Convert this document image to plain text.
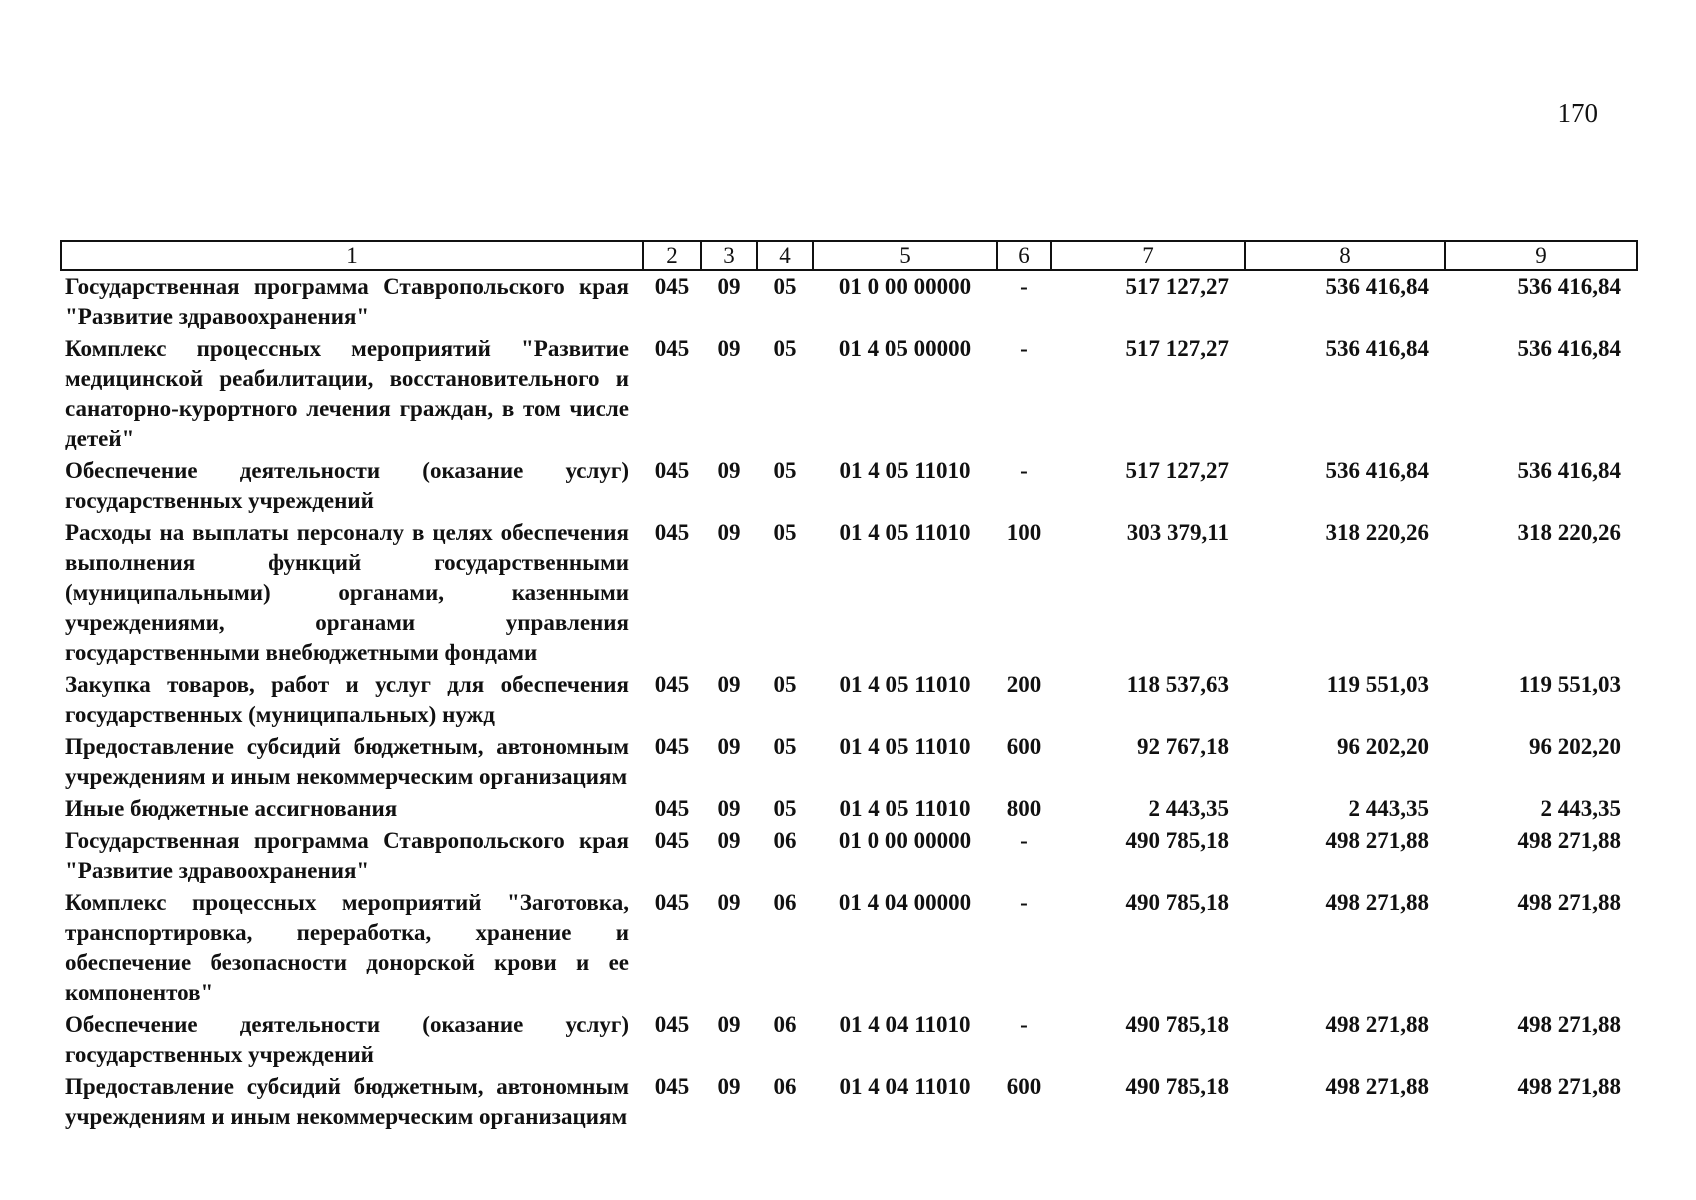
170
1	2	3	4	5	6	7	8	9
Государственная программа Ставропольского края "Развитие здравоохранения"	045	09	05	01 0 00 00000	-	517 127,27	536 416,84	536 416,84
Комплекс процессных мероприятий "Развитие медицинской реабилитации, восстановительного и санаторно-курортного лечения граждан, в том числе детей"	045	09	05	01 4 05 00000	-	517 127,27	536 416,84	536 416,84
Обеспечение деятельности (оказание услуг) государственных учреждений	045	09	05	01 4 05 11010	-	517 127,27	536 416,84	536 416,84
Расходы на выплаты персоналу в целях обеспечения выполнения функций государственными (муниципальными) органами, казенными учреждениями, органами управления государственными внебюджетными фондами	045	09	05	01 4 05 11010	100	303 379,11	318 220,26	318 220,26
Закупка товаров, работ и услуг для обеспечения государственных (муниципальных) нужд	045	09	05	01 4 05 11010	200	118 537,63	119 551,03	119 551,03
Предоставление субсидий бюджетным, автономным учреждениям и иным некоммерческим организациям	045	09	05	01 4 05 11010	600	92 767,18	96 202,20	96 202,20
Иные бюджетные ассигнования	045	09	05	01 4 05 11010	800	2 443,35	2 443,35	2 443,35
Государственная программа Ставропольского края "Развитие здравоохранения"	045	09	06	01 0 00 00000	-	490 785,18	498 271,88	498 271,88
Комплекс процессных мероприятий "Заготовка, транспортировка, переработка, хранение и обеспечение безопасности донорской крови и ее компонентов"	045	09	06	01 4 04 00000	-	490 785,18	498 271,88	498 271,88
Обеспечение деятельности (оказание услуг) государственных учреждений	045	09	06	01 4 04 11010	-	490 785,18	498 271,88	498 271,88
Предоставление субсидий бюджетным, автономным учреждениям и иным некоммерческим организациям	045	09	06	01 4 04 11010	600	490 785,18	498 271,88	498 271,88
